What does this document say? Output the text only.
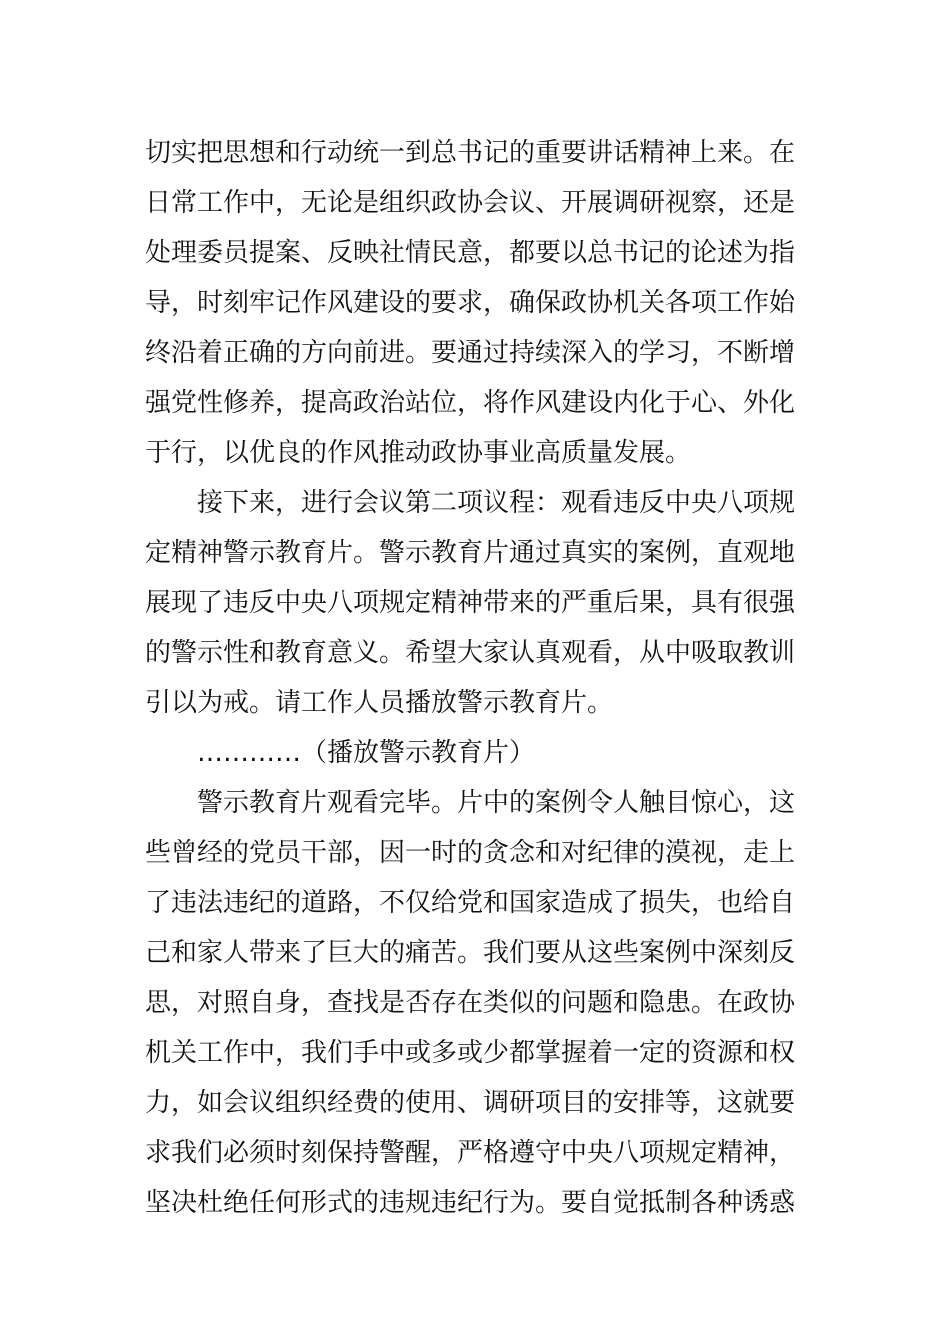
切实把思想和行动统一到总书记的重要讲话精神上来。在
日常工作中，无论是组织政协会议、开展调研视察，还是
处理委员提案、反映社情民意，都要以总书记的论述为指
导，时刻牢记作风建设的要求，确保政协机关各项工作始
终沿着正确的方向前进。要通过持续深入的学习，不断增
强党性修养，提高政治站位，将作风建设内化于心、外化
于行，以优良的作风推动政协事业高质量发展。
接下来，进行会议第二项议程：观看违反中央八项规
定精神警示教育片。警示教育片通过真实的案例，直观地
展现了违反中央八项规定精神带来的严重后果，具有很强
的警示性和教育意义。希望大家认真观看，从中吸取教训
引以为戒。请工作人员播放警示教育片。
…………（播放警示教育片）
警示教育片观看完毕。片中的案例令人触目惊心，这
些曾经的党员干部，因一时的贪念和对纪律的漠视，走上
了违法违纪的道路，不仅给党和国家造成了损失，也给自
己和家人带来了巨大的痛苦。我们要从这些案例中深刻反
思，对照自身，查找是否存在类似的问题和隐患。在政协
机关工作中，我们手中或多或少都掌握着一定的资源和权
力，如会议组织经费的使用、调研项目的安排等，这就要
求我们必须时刻保持警醒，严格遵守中央八项规定精神，
坚决杜绝任何形式的违规违纪行为。要自觉抵制各种诱惑
